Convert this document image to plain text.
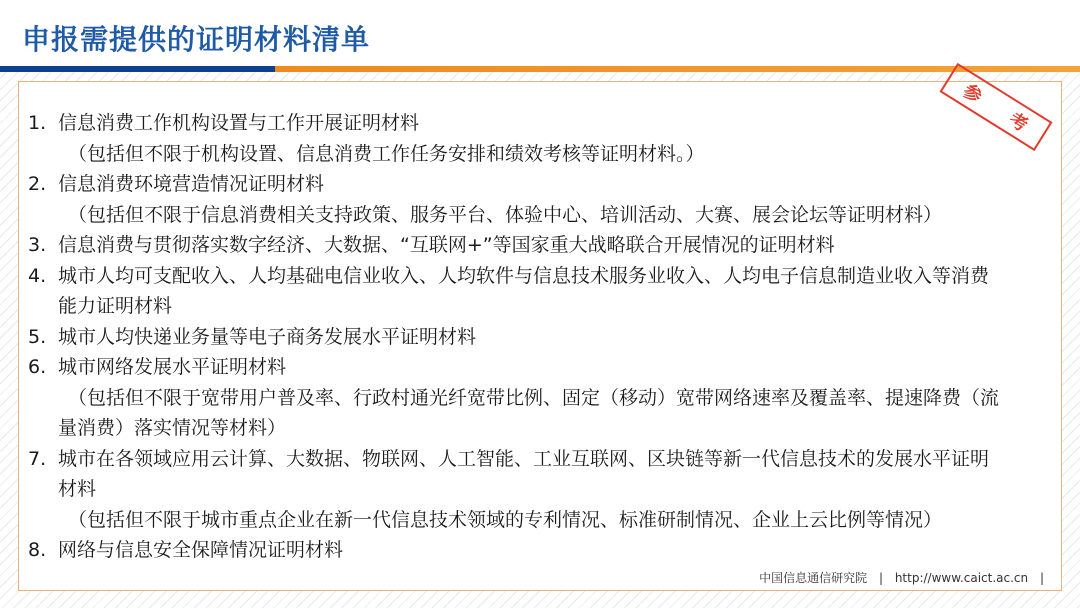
申报需提供的证明材料清单
参
考
1. 信息消费工作机构设置与工作开展证明材料
（包括但不限于机构设置、信息消费工作任务安排和绩效考核等证明材料。）
2. 信息消费环境营造情况证明材料
（包括但不限于信息消费相关支持政策、服务平台、体验中心、培训活动、大赛、展会论坛等证明材料）
3. 信息消费与贯彻落实数字经济、大数据、“互联网+”等国家重大战略联合开展情况的证明材料
4. 城市人均可支配收入、人均基础电信业收入、人均软件与信息技术服务业收入、人均电子信息制造业收入等消费
能力证明材料
5. 城市人均快递业务量等电子商务发展水平证明材料
6. 城市网络发展水平证明材料
（包括但不限于宽带用户普及率、行政村通光纤宽带比例、固定（移动）宽带网络速率及覆盖率、提速降费（流
量消费）落实情况等材料）
7. 城市在各领域应用云计算、大数据、物联网、人工智能、工业互联网、区块链等新一代信息技术的发展水平证明
材料
（包括但不限于城市重点企业在新一代信息技术领域的专利情况、标准研制情况、企业上云比例等情况）
8. 网络与信息安全保障情况证明材料
中国信息通信研究院 | http://www.caict.ac.cn |
